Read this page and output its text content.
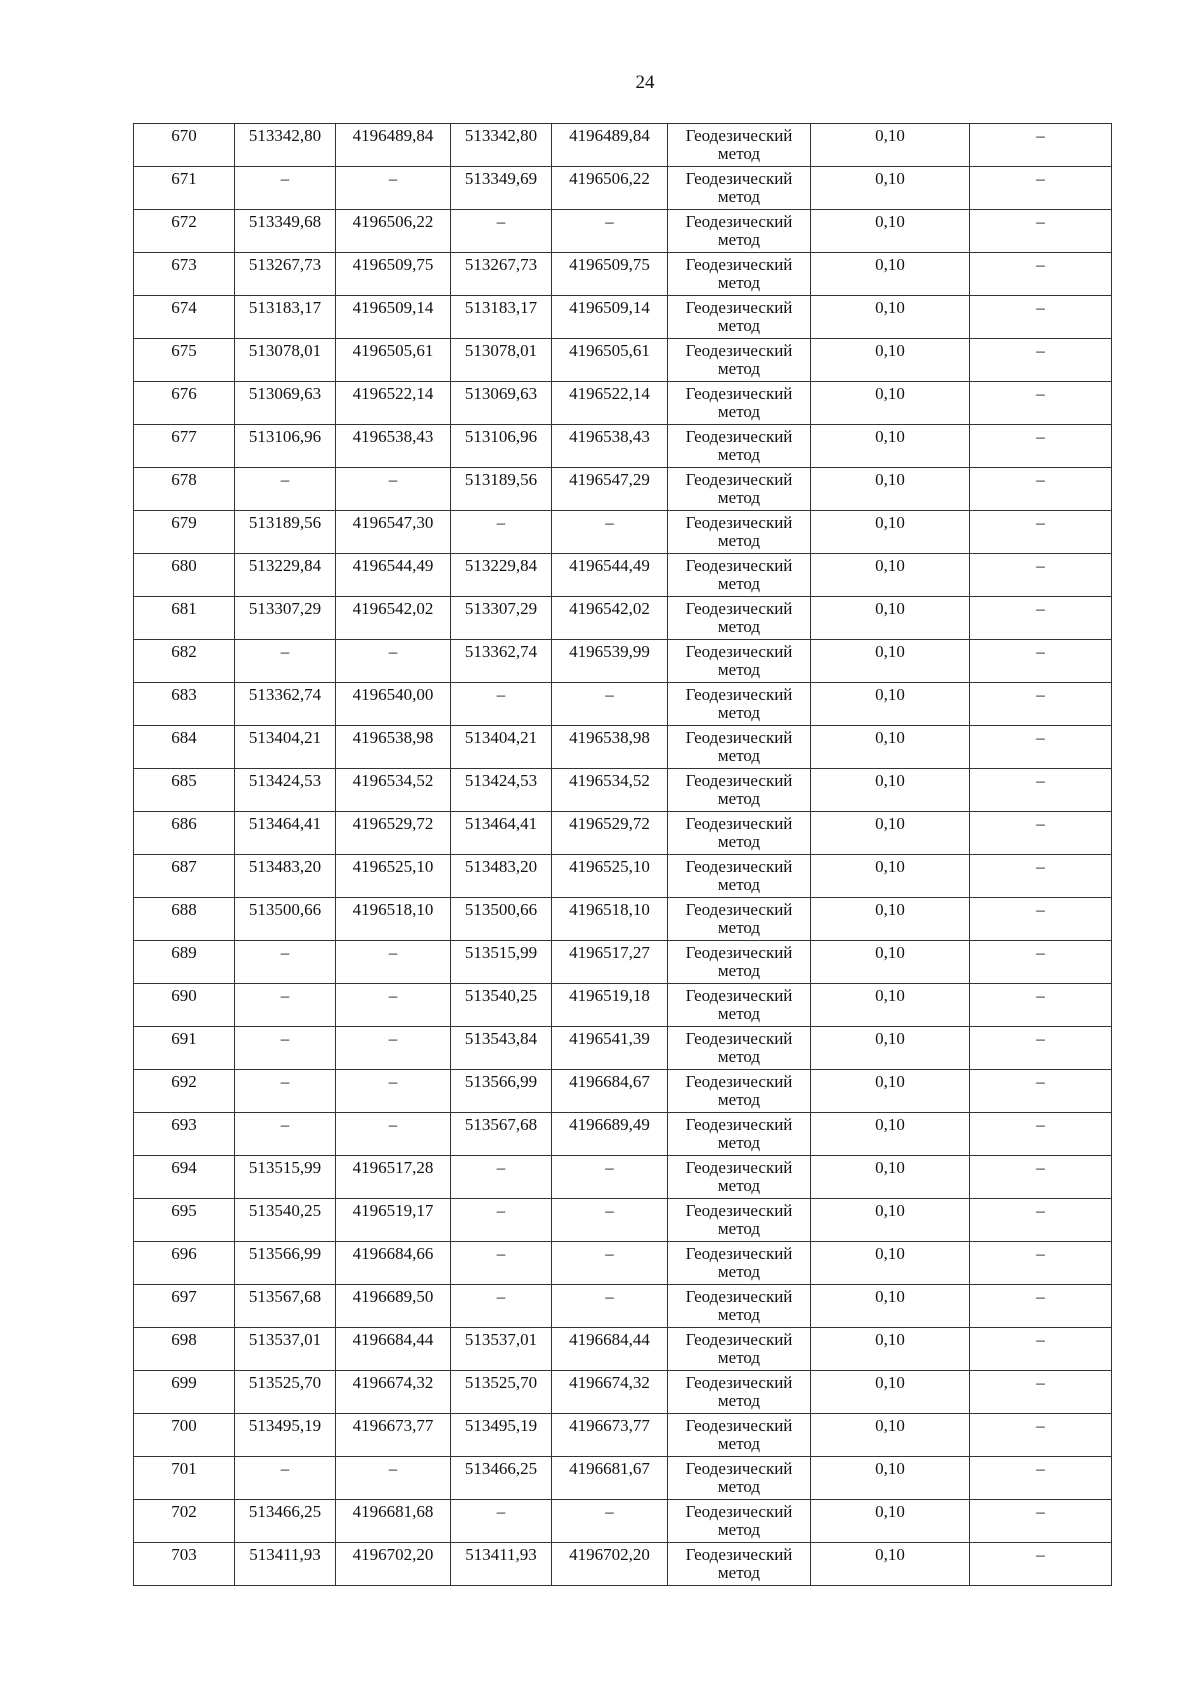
24
670	513342,80	4196489,84	513342,80	4196489,84	Геодезический
метод	0,10	–

671	–	–	513349,69	4196506,22	Геодезический
метод	0,10	–

672	513349,68	4196506,22	–	–	Геодезический
метод	0,10	–

673	513267,73	4196509,75	513267,73	4196509,75	Геодезический
метод	0,10	–

674	513183,17	4196509,14	513183,17	4196509,14	Геодезический
метод	0,10	–

675	513078,01	4196505,61	513078,01	4196505,61	Геодезический
метод	0,10	–

676	513069,63	4196522,14	513069,63	4196522,14	Геодезический
метод	0,10	–

677	513106,96	4196538,43	513106,96	4196538,43	Геодезический
метод	0,10	–

678	–	–	513189,56	4196547,29	Геодезический
метод	0,10	–

679	513189,56	4196547,30	–	–	Геодезический
метод	0,10	–

680	513229,84	4196544,49	513229,84	4196544,49	Геодезический
метод	0,10	–

681	513307,29	4196542,02	513307,29	4196542,02	Геодезический
метод	0,10	–

682	–	–	513362,74	4196539,99	Геодезический
метод	0,10	–

683	513362,74	4196540,00	–	–	Геодезический
метод	0,10	–

684	513404,21	4196538,98	513404,21	4196538,98	Геодезический
метод	0,10	–

685	513424,53	4196534,52	513424,53	4196534,52	Геодезический
метод	0,10	–

686	513464,41	4196529,72	513464,41	4196529,72	Геодезический
метод	0,10	–

687	513483,20	4196525,10	513483,20	4196525,10	Геодезический
метод	0,10	–

688	513500,66	4196518,10	513500,66	4196518,10	Геодезический
метод	0,10	–

689	–	–	513515,99	4196517,27	Геодезический
метод	0,10	–

690	–	–	513540,25	4196519,18	Геодезический
метод	0,10	–

691	–	–	513543,84	4196541,39	Геодезический
метод	0,10	–

692	–	–	513566,99	4196684,67	Геодезический
метод	0,10	–

693	–	–	513567,68	4196689,49	Геодезический
метод	0,10	–

694	513515,99	4196517,28	–	–	Геодезический
метод	0,10	–

695	513540,25	4196519,17	–	–	Геодезический
метод	0,10	–

696	513566,99	4196684,66	–	–	Геодезический
метод	0,10	–

697	513567,68	4196689,50	–	–	Геодезический
метод	0,10	–

698	513537,01	4196684,44	513537,01	4196684,44	Геодезический
метод	0,10	–

699	513525,70	4196674,32	513525,70	4196674,32	Геодезический
метод	0,10	–

700	513495,19	4196673,77	513495,19	4196673,77	Геодезический
метод	0,10	–

701	–	–	513466,25	4196681,67	Геодезический
метод	0,10	–

702	513466,25	4196681,68	–	–	Геодезический
метод	0,10	–

703	513411,93	4196702,20	513411,93	4196702,20	Геодезический
метод	0,10	–
